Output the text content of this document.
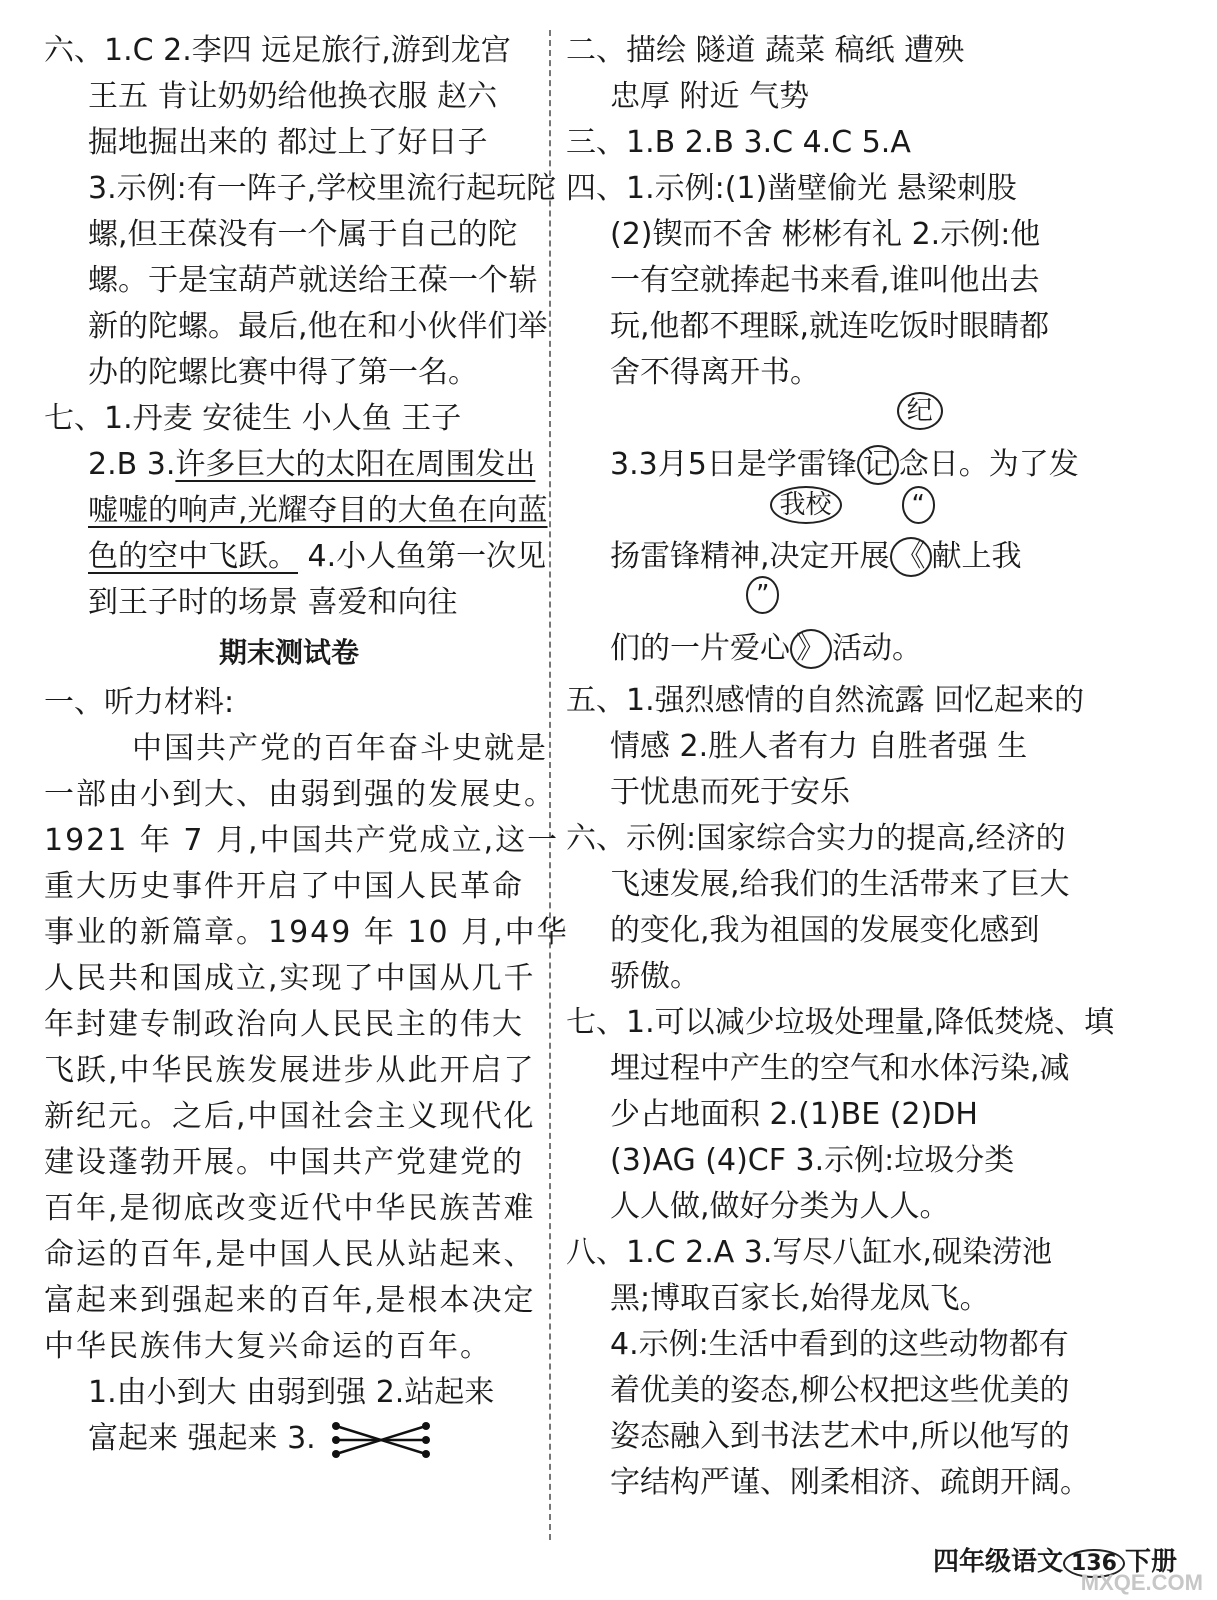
六、1.C 2.李四 远足旅行,游到龙宫
王五 肯让奶奶给他换衣服 赵六
掘地掘出来的 都过上了好日子
3.示例:有一阵子,学校里流行起玩陀
螺,但王葆没有一个属于自己的陀
螺。于是宝葫芦就送给王葆一个崭
新的陀螺。最后,他在和小伙伴们举
办的陀螺比赛中得了第一名。
七、1.丹麦 安徒生 小人鱼 王子
2.B 3.许多巨大的太阳在周围发出
嘘嘘的响声,光耀夺目的大鱼在向蓝
色的空中飞跃。 4.小人鱼第一次见
到王子时的场景 喜爱和向往
期末测试卷
一、听力材料:
中国共产党的百年奋斗史就是
一部由小到大、由弱到强的发展史。
1921 年 7 月,中国共产党成立,这一
重大历史事件开启了中国人民革命
事业的新篇章。1949 年 10 月,中华
人民共和国成立,实现了中国从几千
年封建专制政治向人民民主的伟大
飞跃,中华民族发展进步从此开启了
新纪元。之后,中国社会主义现代化
建设蓬勃开展。中国共产党建党的
百年,是彻底改变近代中华民族苦难
命运的百年,是中国人民从站起来、
富起来到强起来的百年,是根本决定
中华民族伟大复兴命运的百年。
1.由小到大 由弱到强 2.站起来
富起来 强起来 3.
二、描绘 隧道 蔬菜 稿纸 遭殃
忠厚 附近 气势
三、1.B 2.B 3.C 4.C 5.A
四、1.示例:(1)凿壁偷光 悬梁刺股
(2)锲而不舍 彬彬有礼 2.示例:他
一有空就捧起书来看,谁叫他出去
玩,他都不理睬,就连吃饭时眼睛都
舍不得离开书。
3.3月5日是学雷锋
纪
记 念日。为了发
扬雷锋精神,
我校
决定开展
“
《 献上我
们的一片爱心
”
》 活动。
五、1.强烈感情的自然流露 回忆起来的
情感 2.胜人者有力 自胜者强 生
于忧患而死于安乐
六、示例:国家综合实力的提高,经济的
飞速发展,给我们的生活带来了巨大
的变化,我为祖国的发展变化感到
骄傲。
七、1.可以减少垃圾处理量,降低焚烧、填
埋过程中产生的空气和水体污染,减
少占地面积 2.(1)BE (2)DH
(3)AG (4)CF 3.示例:垃圾分类
人人做,做好分类为人人。
八、1.C 2.A 3.写尽八缸水,砚染涝池
黑;博取百家长,始得龙凤飞。
4.示例:生活中看到的这些动物都有
着优美的姿态,柳公权把这些优美的
姿态融入到书法艺术中,所以他写的
字结构严谨、刚柔相济、疏朗开阔。
四年级语文 136 下册
MXQE.COM
